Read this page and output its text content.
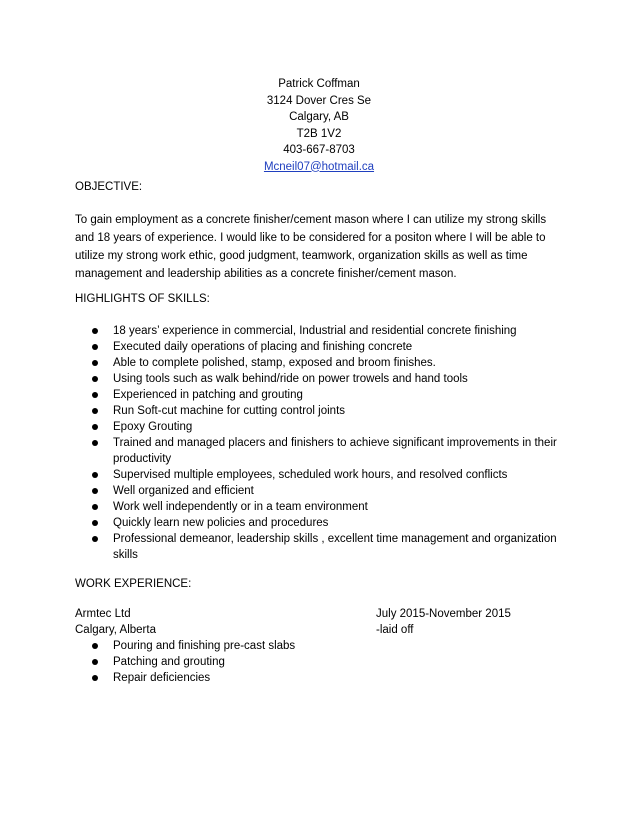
Patrick Coffman
3124 Dover Cres Se
Calgary, AB
T2B 1V2
403-667-8703
Mcneil07@hotmail.ca
OBJECTIVE:
To gain employment as a concrete finisher/cement mason where I can utilize my strong skills
and 18 years of experience. I would like to be considered for a positon where I will be able to
utilize my strong work ethic, good judgment, teamwork, organization skills as well as time
management and leadership abilities as a concrete finisher/cement mason.
HIGHLIGHTS OF SKILLS:
18 years’ experience in commercial, Industrial and residential concrete finishing
Executed daily operations of placing and finishing concrete
Able to complete polished, stamp, exposed and broom finishes.
Using tools such as walk behind/ride on power trowels and hand tools
Experienced in patching and grouting
Run Soft-cut machine for cutting control joints
Epoxy Grouting
Trained and managed placers and finishers to achieve significant improvements in their productivity
Supervised multiple employees, scheduled work hours, and resolved conflicts
Well organized and efficient
Work well independently or in a team environment
Quickly learn new policies and procedures
Professional demeanor, leadership skills , excellent time management and organization skills
WORK EXPERIENCE:
Armtec Ltd	July 2015-November 2015
Calgary, Alberta	-laid off
Pouring and finishing pre-cast slabs
Patching and grouting
Repair deficiencies
